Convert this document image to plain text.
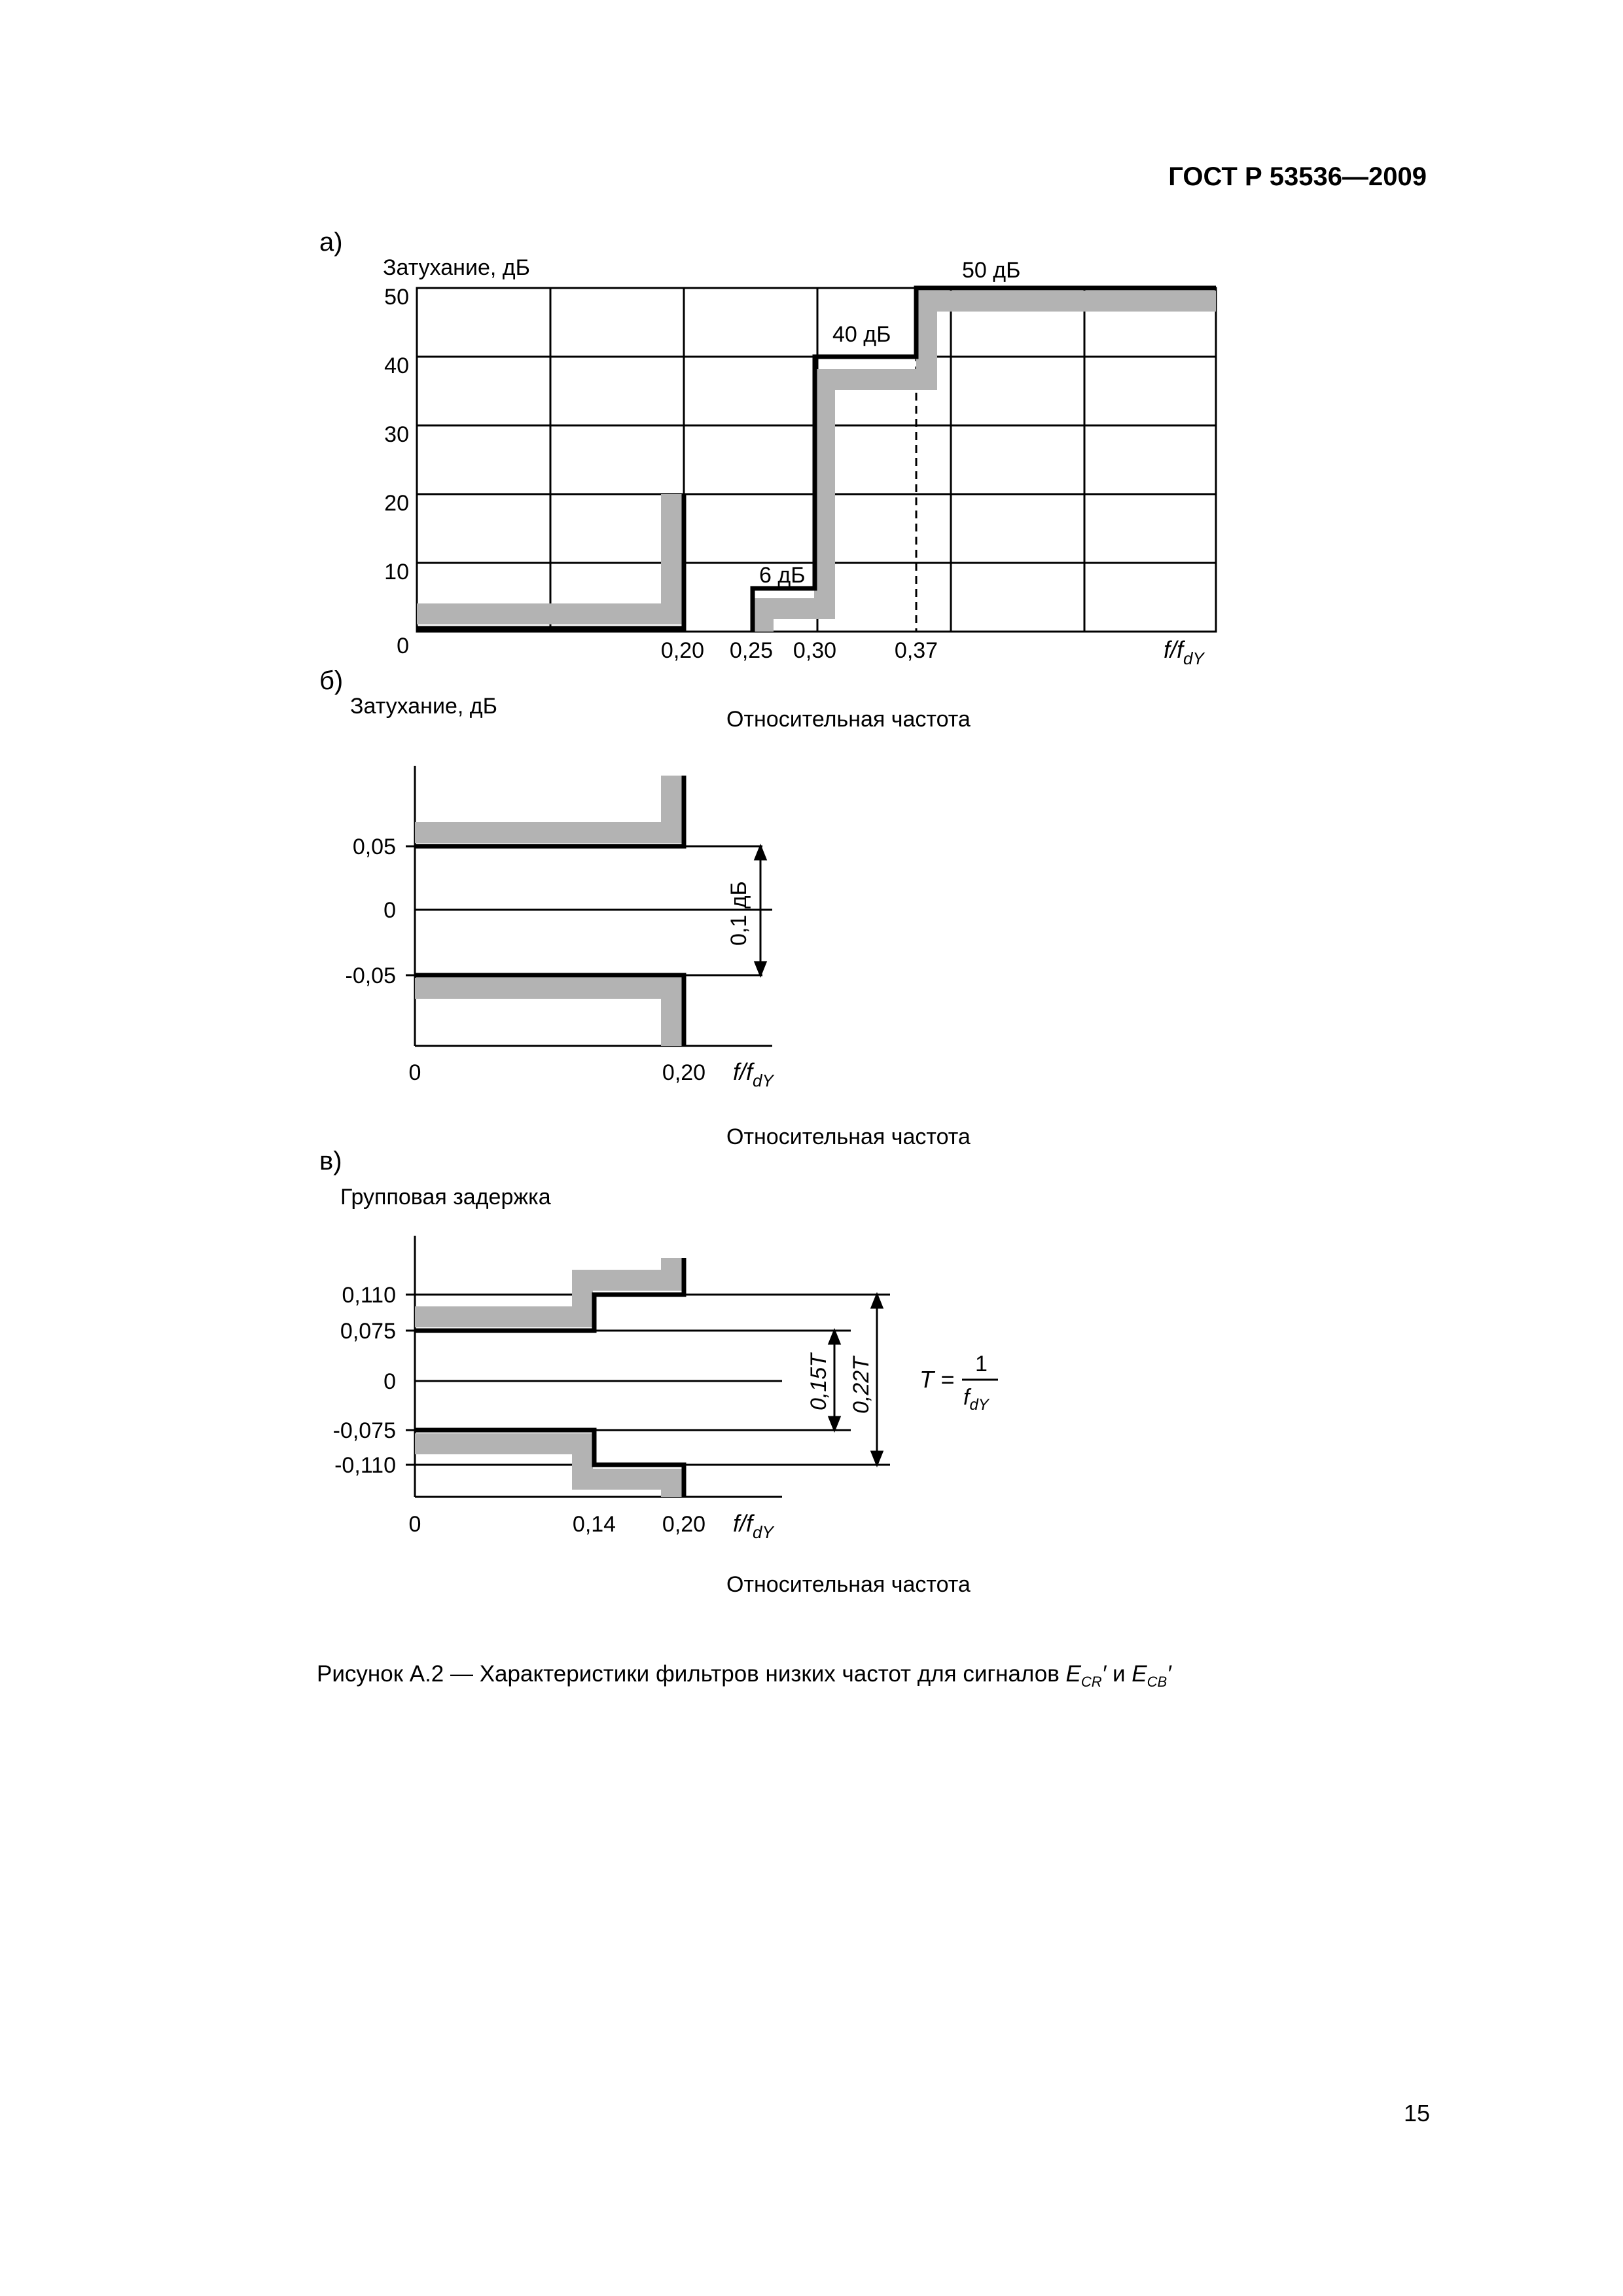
ГОСТ Р 53536—2009
а)
Затухание, дБ
50
40
30
20
10
0	0,20 0,25 0,30	0,37	$f/f_{dY}$
6 дБ
40 дБ
50 дБ
б)
Затухание, дБ
Относительная частота
0,1 дБ
0,05
0
-0,05
0	0,20 $f/f_{dY}$
в)
Относительная частота
Групповая задержка
0,15T 0,22T T =
1
$f_{dY}$
0,110
0,075
0
-0,075
-0,110
0	0,14 0,20 $f/f_{dY}$
Относительная частота
Рисунок А.2 — Характеристики фильтров низких частот для сигналов $E_{CR}'$ и $E_{CB}'$
15
